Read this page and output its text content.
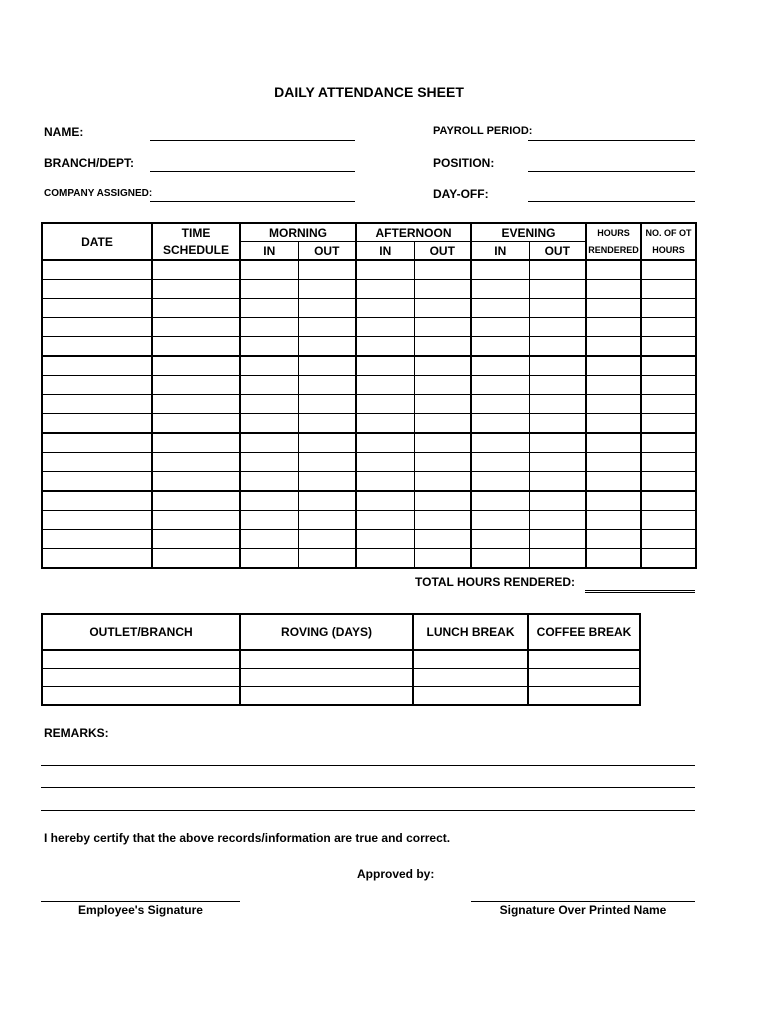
DAILY ATTENDANCE SHEET
NAME:
BRANCH/DEPT:
COMPANY ASSIGNED:
PAYROLL PERIOD:
POSITION:
DAY-OFF:
DATE	TIME	MORNING		AFTERNOON		EVENING		HOURS	NO. OF OT
	SCHEDULE	IN	OUT	IN	OUT	IN	OUT	RENDERED	HOURS

TOTAL HOURS RENDERED:
OUTLET/BRANCH	ROVING (DAYS)	LUNCH BREAK	COFFEE BREAK

REMARKS:
I hereby certify that the above records/information are true and correct.
Approved by:
Employee's Signature	Signature Over Printed Name
